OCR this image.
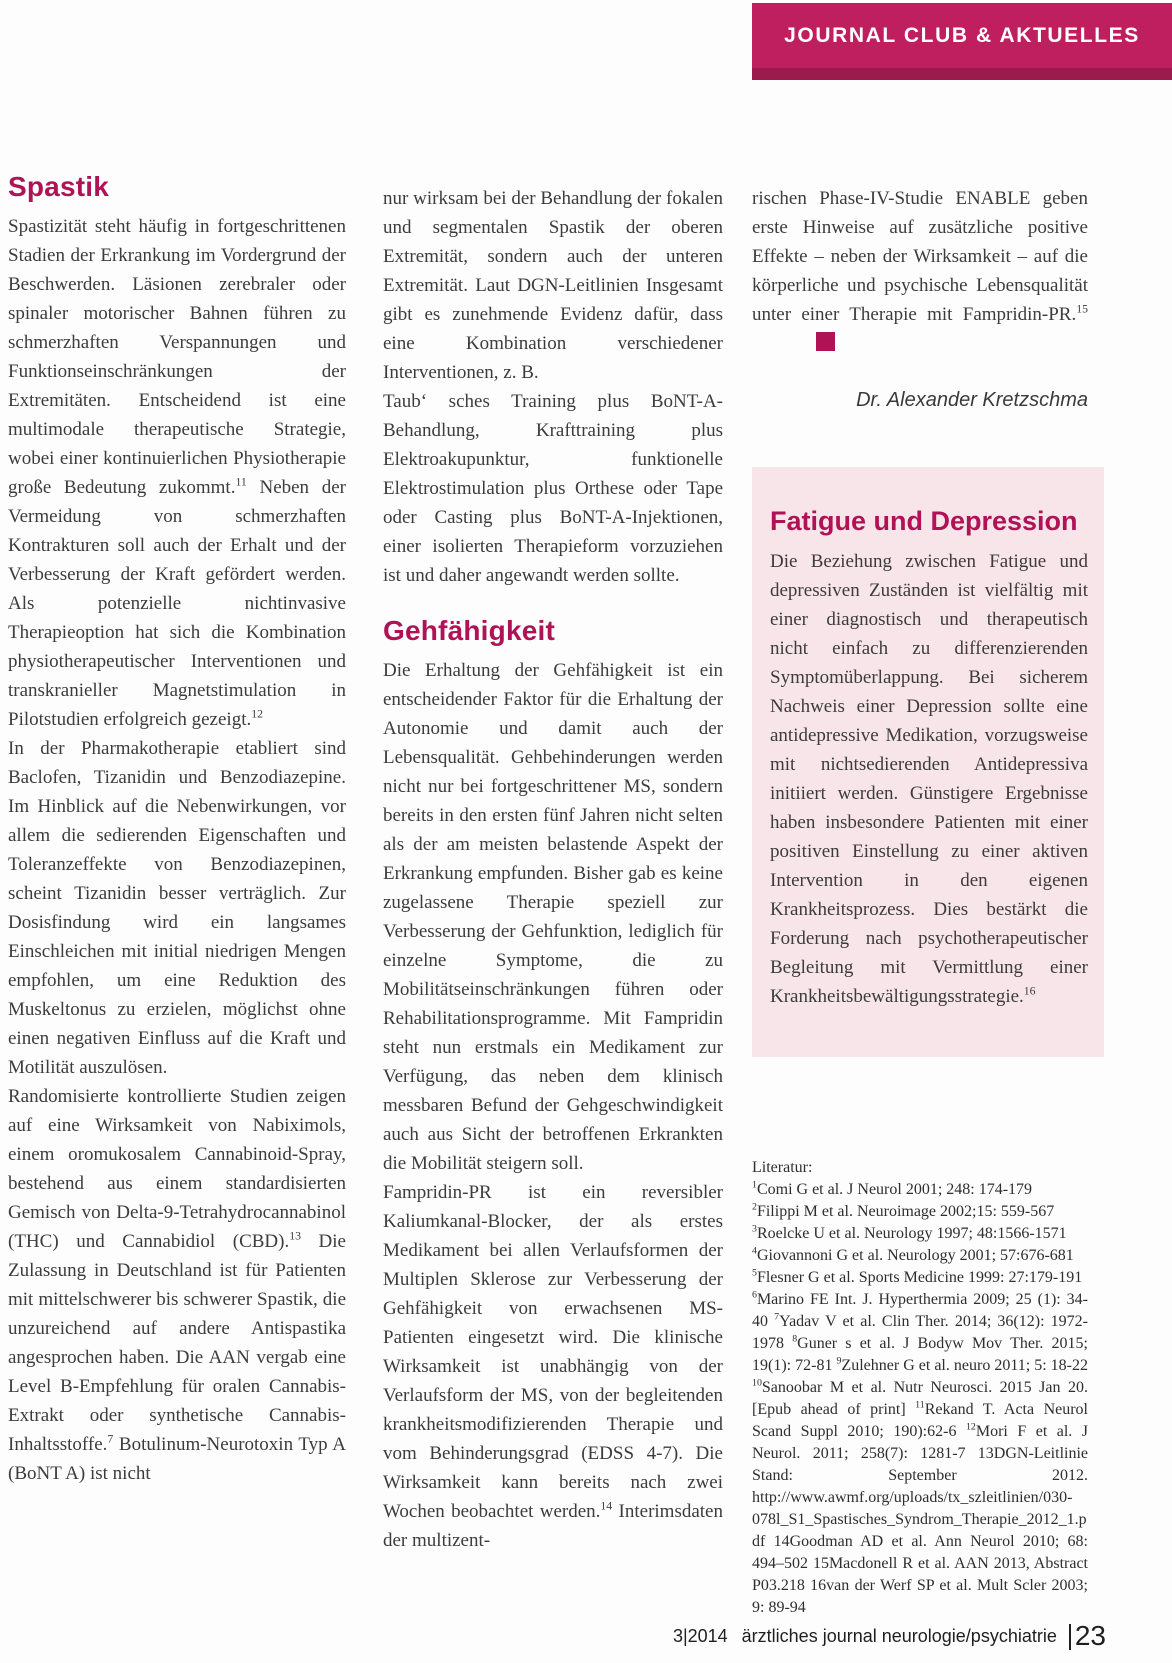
JOURNAL CLUB & AKTUELLES
Spastik

Spastizität steht häufig in fortgeschrittenen Stadien der Erkrankung im Vordergrund der Beschwerden. Läsionen zerebraler oder spinaler motorischer Bahnen führen zu schmerzhaften Verspannungen und Funktionseinschränkungen der Extremitäten. Entscheidend ist eine multimodale therapeutische Strategie, wobei einer kontinuierlichen Physiotherapie große Bedeutung zukommt.$^{11}$ Neben der Vermeidung von schmerzhaften Kontrakturen soll auch der Erhalt und der Verbesserung der Kraft gefördert werden. Als potenzielle nichtinvasive Therapieoption hat sich die Kombination physiotherapeutischer Interventionen und transkranieller Magnetstimulation in Pilotstudien erfolgreich gezeigt.$^{12}$

In der Pharmakotherapie etabliert sind Baclofen, Tizanidin und Benzodiazepine. Im Hinblick auf die Nebenwirkungen, vor allem die sedierenden Eigenschaften und Toleranzeffekte von Benzodiazepinen, scheint Tizanidin besser verträglich. Zur Dosisfindung wird ein langsames Einschleichen mit initial niedrigen Mengen empfohlen, um eine Reduktion des Muskeltonus zu erzielen, möglichst ohne einen negativen Einfluss auf die Kraft und Motilität auszulösen.

Randomisierte kontrollierte Studien zeigen auf eine Wirksamkeit von Nabiximols, einem oromukosalem Cannabinoid-Spray, bestehend aus einem standardisierten Gemisch von Delta-9-Tetrahydrocannabinol (THC) und Cannabidiol (CBD).$^{13}$ Die Zulassung in Deutschland ist für Patienten mit mittelschwerer bis schwerer Spastik, die unzureichend auf andere Antispastika angesprochen haben. Die AAN vergab eine Level B-Empfehlung für oralen Cannabis-Extrakt oder synthetische Cannabis-Inhaltsstoffe.$^7$ Botulinum-Neurotoxin Typ A (BoNT A) ist nicht

nur wirksam bei der Behandlung der fokalen und segmentalen Spastik der oberen Extremität, sondern auch der unteren Extremität. Laut DGN-Leitlinien Insgesamt gibt es zunehmende Evidenz dafür, dass eine Kombination verschiedener Interventionen, z. B.

Taub‘ sches Training plus BoNT-A-Behandlung, Krafttraining plus Elektroakupunktur, funktionelle Elektrostimulation plus Orthese oder Tape oder Casting plus BoNT-A-Injektionen, einer isolierten Therapieform vorzuziehen ist und daher angewandt werden sollte.

Gehfähigkeit

Die Erhaltung der Gehfähigkeit ist ein entscheidender Faktor für die Erhaltung der Autonomie und damit auch der Lebensqualität. Gehbehinderungen werden nicht nur bei fortgeschrittener MS, sondern bereits in den ersten fünf Jahren nicht selten als der am meisten belastende Aspekt der Erkrankung empfunden. Bisher gab es keine zugelassene Therapie speziell zur Verbesserung der Gehfunktion, lediglich für einzelne Symptome, die zu Mobilitätseinschränkungen führen oder Rehabilitationsprogramme. Mit Fampridin steht nun erstmals ein Medikament zur Verfügung, das neben dem klinisch messbaren Befund der Gehgeschwindigkeit auch aus Sicht der betroffenen Erkrankten die Mobilität steigern soll.

Fampridin-PR ist ein reversibler Kaliumkanal-Blocker, der als erstes Medikament bei allen Verlaufsformen der Multiplen Sklerose zur Verbesserung der Gehfähigkeit von erwachsenen MS-Patienten eingesetzt wird. Die klinische Wirksamkeit ist unabhängig von der Verlaufsform der MS, von der begleitenden krankheitsmodifizierenden Therapie und vom Behinderungsgrad (EDSS 4-7). Die Wirksamkeit kann bereits nach zwei Wochen beobachtet werden.$^{14}$ Interimsdaten der multizent-

rischen Phase-IV-Studie ENABLE geben erste Hinweise auf zusätzliche positive Effekte – neben der Wirksamkeit – auf die körperliche und psychische Lebensqualität unter einer Therapie mit Fampridin-PR.$^{15}$

Dr. Alexander Kretzschma
Fatigue und Depression

Die Beziehung zwischen Fatigue und depressiven Zuständen ist vielfältig mit einer diagnostisch und therapeutisch nicht einfach zu differenzierenden Symptomüberlappung. Bei sicherem Nachweis einer Depression sollte eine antidepressive Medikation, vorzugsweise mit nichtsedierenden Antidepressiva initiiert werden. Günstigere Ergebnisse haben insbesondere Patienten mit einer positiven Einstellung zu einer aktiven Intervention in den eigenen Krankheitsprozess. Dies bestärkt die Forderung nach psychotherapeutischer Begleitung mit Vermittlung einer Krankheitsbewältigungsstrategie.$^{16}$

Literatur:
$^1$Comi G et al. J Neurol 2001; 248: 174-179
$^2$Filippi M et al. Neuroimage 2002;15: 559-567
$^3$Roelcke U et al. Neurology 1997; 48:1566-1571
$^4$Giovannoni G et al. Neurology 2001; 57:676-681
$^5$Flesner G et al. Sports Medicine 1999: 27:179-191
$^6$Marino FE Int. J. Hyperthermia 2009; 25 (1): 34-40 $^7$Yadav V et al. Clin Ther. 2014; 36(12): 1972-1978 $^8$Guner s et al. J Bodyw Mov Ther. 2015; 19(1): 72-81 $^9$Zulehner G et al. neuro 2011; 5: 18-22 $^{10}$Sanoobar M et al. Nutr Neurosci. 2015 Jan 20. [Epub ahead of print] $^{11}$Rekand T. Acta Neurol Scand Suppl 2010; 190):62-6 $^{12}$Mori F et al. J Neurol. 2011; 258(7): 1281-7 13DGN-Leitlinie Stand: September 2012. http://www.awmf.org/uploads/tx_szleitlinien/030-078l_S1_Spastisches_Syndrom_Therapie_2012_1.pdf 14Goodman AD et al. Ann Neurol 2010; 68: 494–502 15Macdonell R et al. AAN 2013, Abstract P03.218 16van der Werf SP et al. Mult Scler 2003; 9: 89-94
3|2014 ärztliches journal neurologie/psychiatrie 23
